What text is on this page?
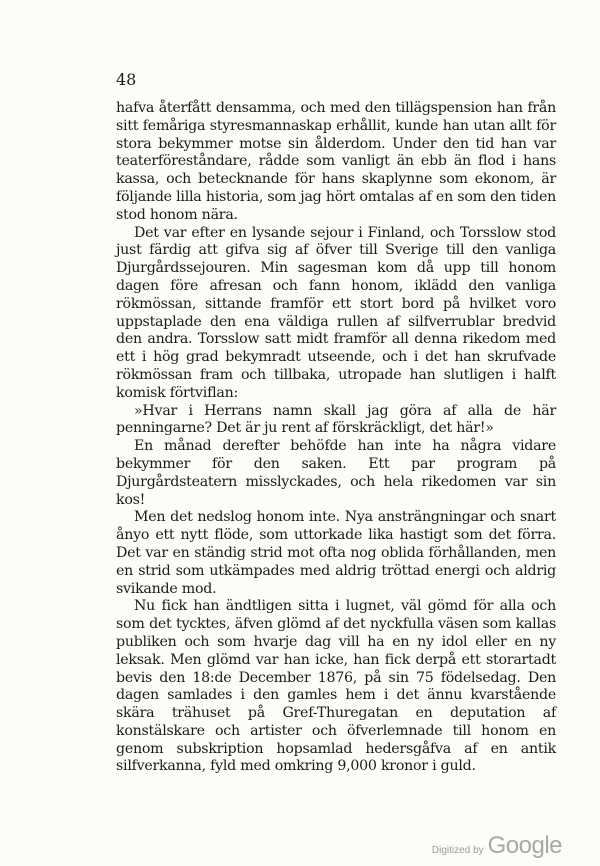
48

hafva återfått densamma, och med den tillägspension han från sitt femåriga styresmannaskap erhållit, kunde han utan allt för stora bekymmer motse sin ålderdom. Under den tid han var teaterföreståndare, rådde som vanligt än ebb än flod i hans kassa, och betecknande för hans skaplynne som ekonom, är följande lilla historia, som jag hört omtalas af en som den tiden stod honom nära.

Det var efter en lysande sejour i Finland, och Torsslow stod just färdig att gifva sig af öfver till Sverige till den vanliga Djurgårdssejouren. Min sagesman kom då upp till honom dagen före afresan och fann honom, iklädd den vanliga rökmössan, sittande framför ett stort bord på hvilket voro uppstaplade den ena väldiga rullen af silfverrublar bredvid den andra. Torsslow satt midt framför all denna rikedom med ett i hög grad bekymradt utseende, och i det han skrufvade rökmössan fram och tillbaka, utropade han slutligen i halft komisk förtviflan:

»Hvar i Herrans namn skall jag göra af alla de här penningarne? Det är ju rent af förskräckligt, det här!»

En månad derefter behöfde han inte ha några vidare bekymmer för den saken. Ett par program på Djurgårdsteatern misslyckades, och hela rikedomen var sin kos!

Men det nedslog honom inte. Nya ansträngningar och snart ånyo ett nytt flöde, som uttorkade lika hastigt som det förra. Det var en ständig strid mot ofta nog oblida förhållanden, men en strid som utkämpades med aldrig tröttad energi och aldrig svikande mod.

Nu fick han ändtligen sitta i lugnet, väl gömd för alla och som det tycktes, äfven glömd af det nyckfulla väsen som kallas publiken och som hvarje dag vill ha en ny idol eller en ny leksak. Men glömd var han icke, han fick derpå ett storartadt bevis den 18:de December 1876, på sin 75 födelsedag. Den dagen samlades i den gamles hem i det ännu kvarstående skära trähuset på Gref-Thuregatan en deputation af konstälskare och artister och öfverlemnade till honom en genom subskription hopsamlad hedersgåfva af en antik silfverkanna, fyld med omkring 9,000 kronor i guld.

Digitized by Google
